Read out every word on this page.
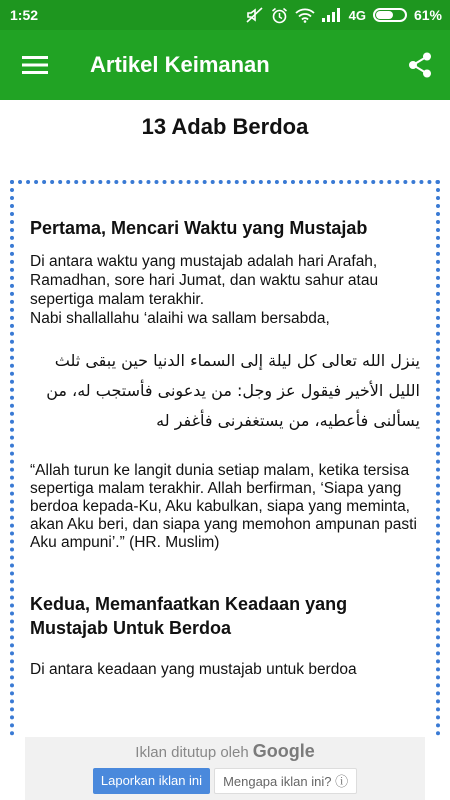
1:52	4G	61%
Artikel Keimanan
13 Adab Berdoa
Pertama, Mencari Waktu yang Mustajab

Di antara waktu yang mustajab adalah hari Arafah, Ramadhan, sore hari Jumat, dan waktu sahur atau sepertiga malam terakhir.

Nabi shallallahu ‘alaihi wa sallam bersabda,

ينزل الله تعالى كل ليلة إلى السماء الدنيا حين يبقى ثلث الليل الأخير فيقول عز وجل: من يدعونى فأستجب له، من يسألنى فأعطيه، من يستغفرنى فأغفر له

“Allah turun ke langit dunia setiap malam, ketika tersisa sepertiga malam terakhir. Allah berfirman, ‘Siapa yang berdoa kepada-Ku, Aku kabulkan, siapa yang meminta, akan Aku beri, dan siapa yang memohon ampunan pasti Aku ampuni’.” (HR. Muslim)

Kedua, Memanfaatkan Keadaan yang Mustajab Untuk Berdoa

Di antara keadaan yang mustajab untuk berdoa

Iklan ditutup oleh Google
Laporkan iklan ini	Mengapa iklan ini? ⓘ
